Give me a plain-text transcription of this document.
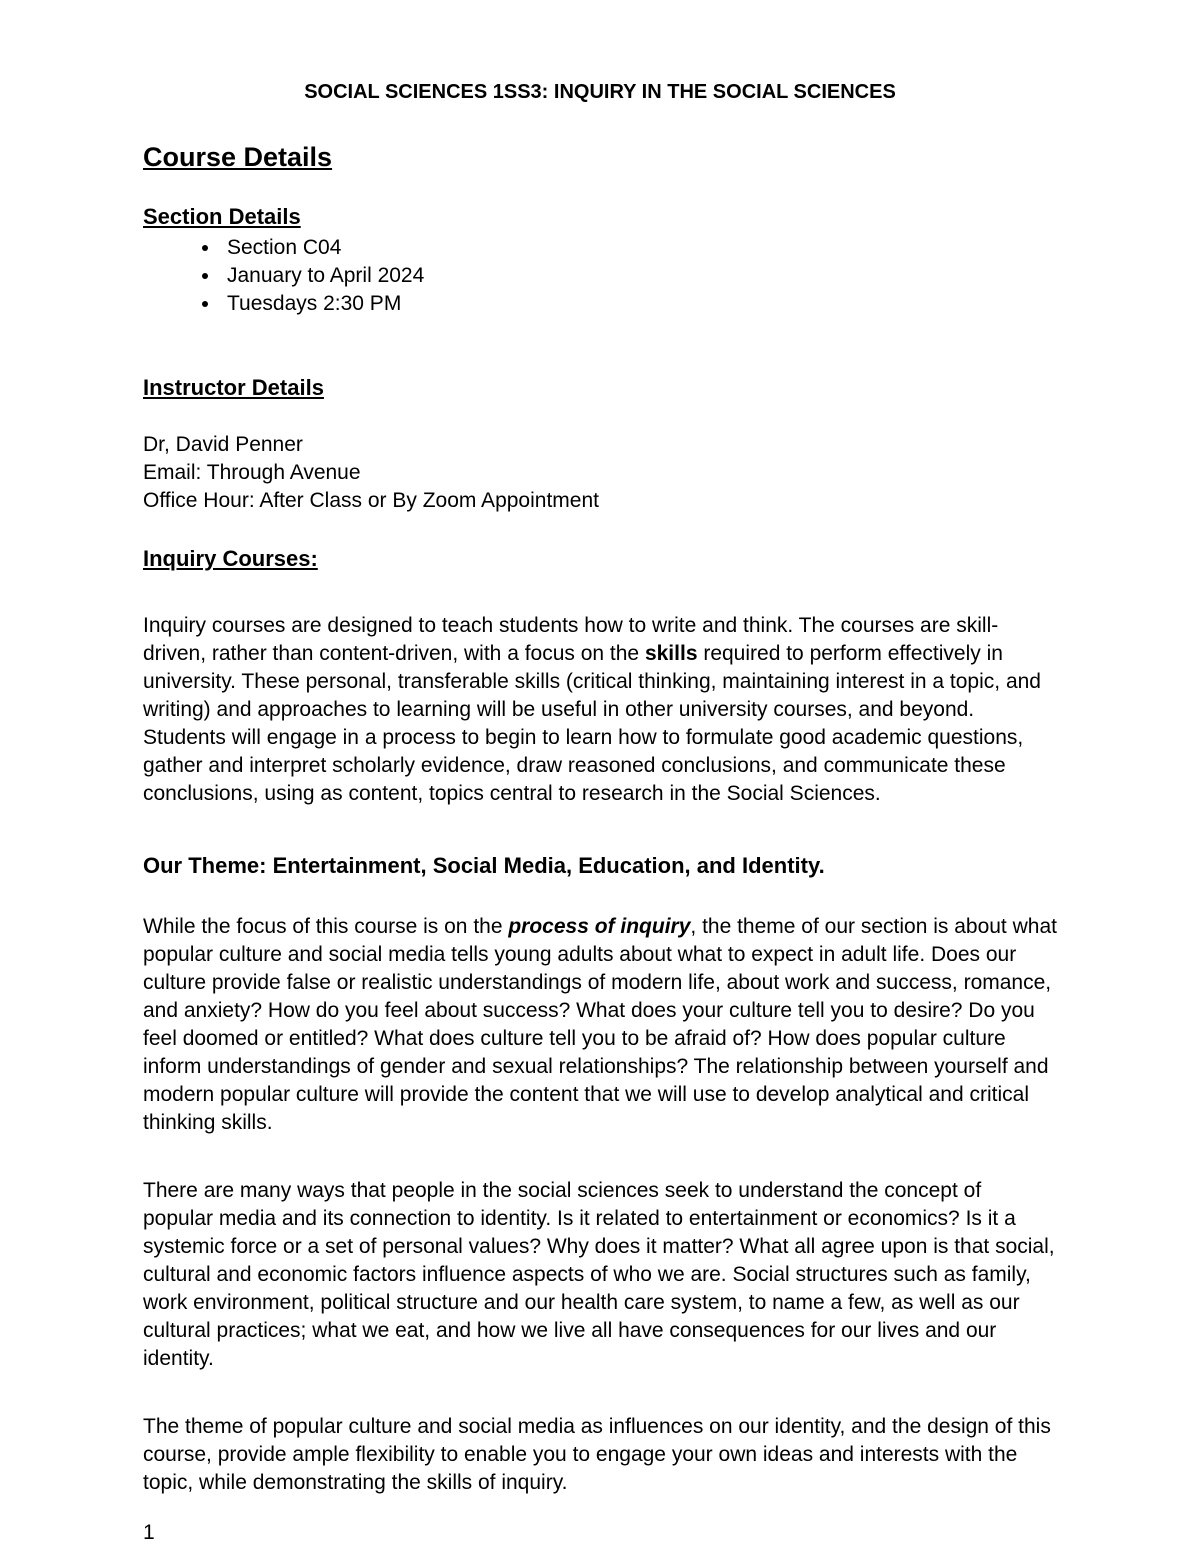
SOCIAL SCIENCES 1SS3: INQUIRY IN THE SOCIAL SCIENCES

Course Details
Section Details
• Section C04
• January to April 2024
• Tuesdays 2:30 PM
Instructor Details
Dr, David Penner
Email: Through Avenue
Office Hour: After Class or By Zoom Appointment
Inquiry Courses:

Inquiry courses are designed to teach students how to write and think. The courses are skill-driven, rather than content-driven, with a focus on the skills required to perform effectively in university. These personal, transferable skills (critical thinking, maintaining interest in a topic, and writing) and approaches to learning will be useful in other university courses, and beyond. Students will engage in a process to begin to learn how to formulate good academic questions, gather and interpret scholarly evidence, draw reasoned conclusions, and communicate these conclusions, using as content, topics central to research in the Social Sciences.

Our Theme: Entertainment, Social Media, Education, and Identity.

While the focus of this course is on the process of inquiry, the theme of our section is about what popular culture and social media tells young adults about what to expect in adult life. Does our culture provide false or realistic understandings of modern life, about work and success, romance, and anxiety? How do you feel about success? What does your culture tell you to desire? Do you feel doomed or entitled? What does culture tell you to be afraid of? How does popular culture inform understandings of gender and sexual relationships? The relationship between yourself and modern popular culture will provide the content that we will use to develop analytical and critical thinking skills.

There are many ways that people in the social sciences seek to understand the concept of popular media and its connection to identity. Is it related to entertainment or economics? Is it a systemic force or a set of personal values? Why does it matter? What all agree upon is that social, cultural and economic factors influence aspects of who we are. Social structures such as family, work environment, political structure and our health care system, to name a few, as well as our cultural practices; what we eat, and how we live all have consequences for our lives and our identity.

The theme of popular culture and social media as influences on our identity, and the design of this course, provide ample flexibility to enable you to engage your own ideas and interests with the topic, while demonstrating the skills of inquiry.

1
